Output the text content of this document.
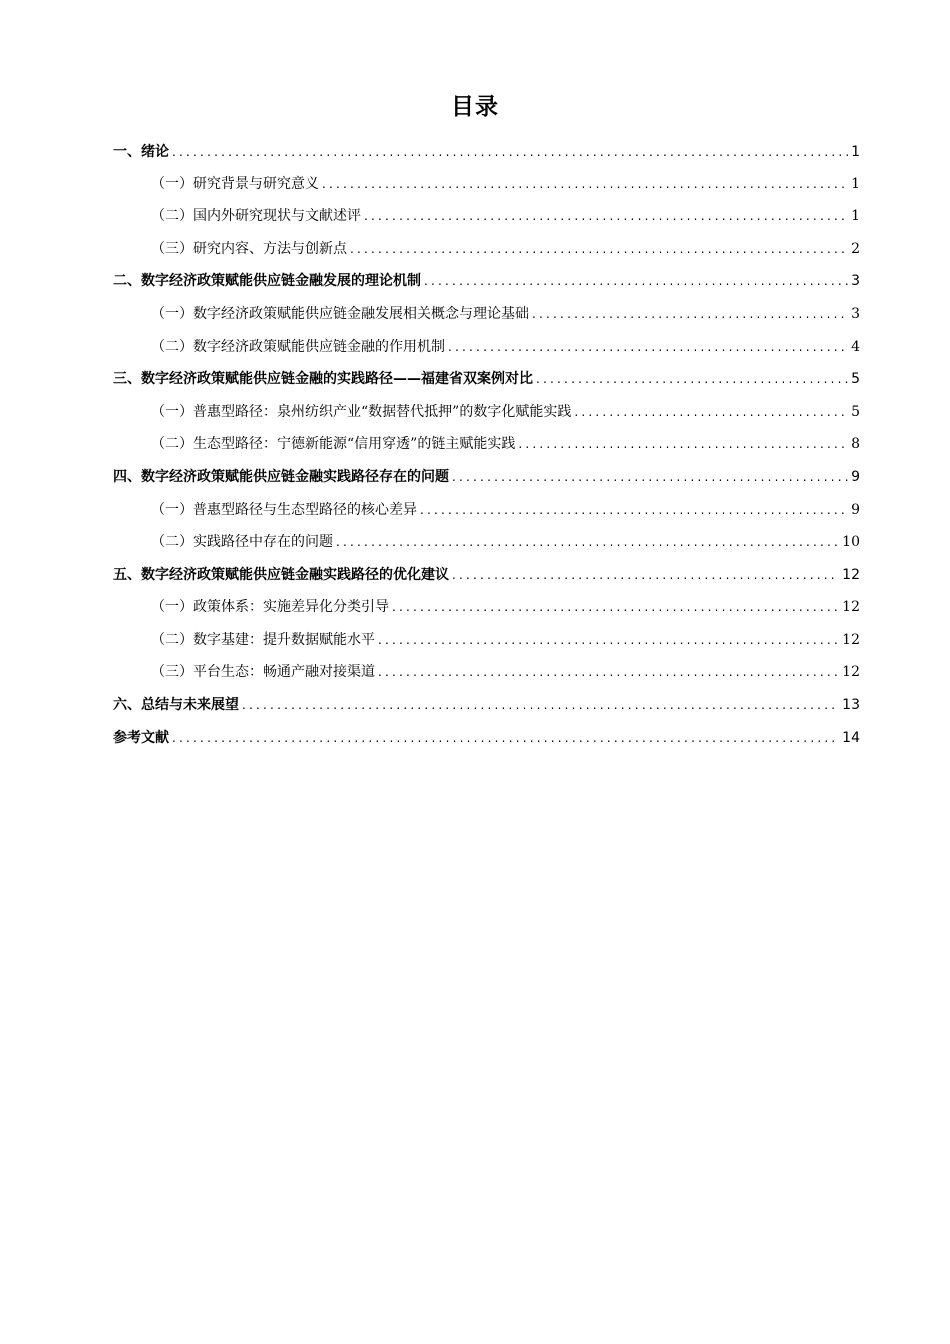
目录
一、绪论 .....	1
（一）研究背景与研究意义 .....	1
（二）国内外研究现状与文献述评 .....	1
（三）研究内容、方法与创新点 .....	2
二、数字经济政策赋能供应链金融发展的理论机制 .....	3
（一）数字经济政策赋能供应链金融发展相关概念与理论基础 .....	3
（二）数字经济政策赋能供应链金融的作用机制 .....	4
三、数字经济政策赋能供应链金融的实践路径——福建省双案例对比 .....	5
（一）普惠型路径：泉州纺织产业“数据替代抵押”的数字化赋能实践 .....	5
（二）生态型路径：宁德新能源“信用穿透”的链主赋能实践 .....	8
四、数字经济政策赋能供应链金融实践路径存在的问题 .....	9
（一）普惠型路径与生态型路径的核心差异 .....	9
（二）实践路径中存在的问题 .....	10
五、数字经济政策赋能供应链金融实践路径的优化建议 .....	12
（一）政策体系：实施差异化分类引导 .....	12
（二）数字基建：提升数据赋能水平 .....	12
（三）平台生态：畅通产融对接渠道 .....	12
六、总结与未来展望 .....	13
参考文献 .....	14
